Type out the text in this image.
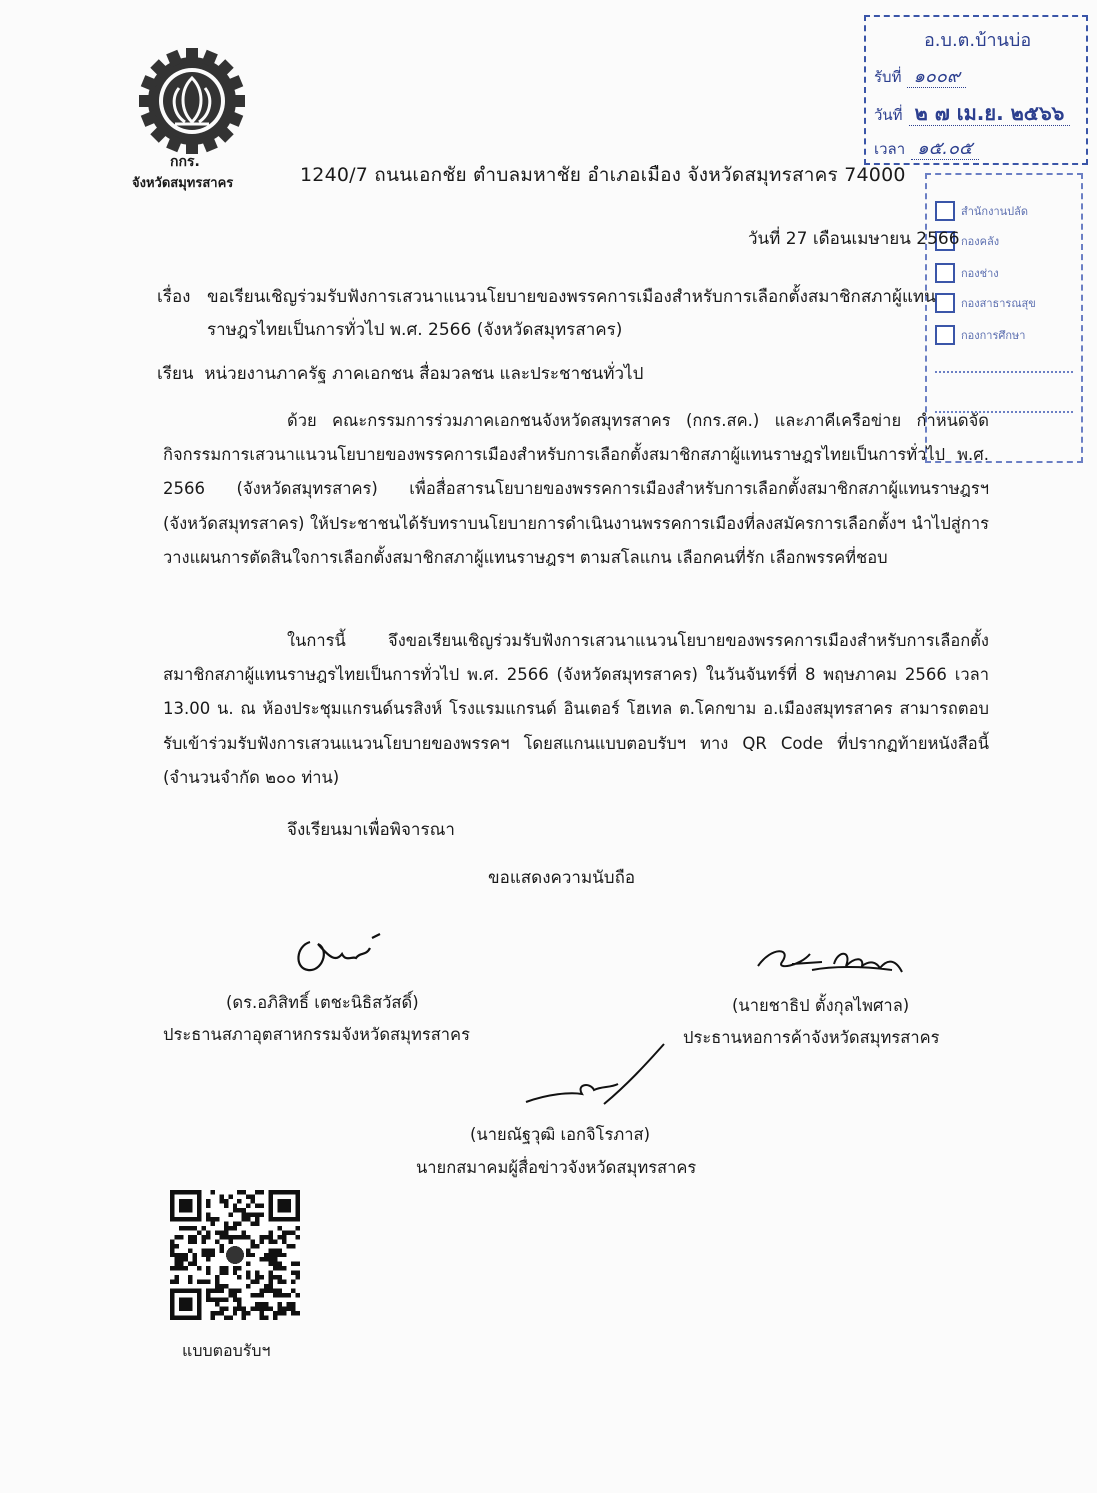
กกร.
จังหวัดสมุทรสาคร	1240/7 ถนนเอกชัย ตำบลมหาชัย อำเภอเมือง จังหวัดสมุทรสาคร 74000
อ.บ.ต.บ้านบ่อ
รับที่ ๑๐๐๙
วันที่ ๒ ๗ เม.ย. ๒๕๖๖
เวลา ๑๕.๐๕
สำนักงานปลัด
กองคลัง
กองช่าง
กองสาธารณสุข
กองการศึกษา
วันที่ 27 เดือนเมษายน 2566
เรื่อง ขอเรียนเชิญร่วมรับฟังการเสวนาแนวนโยบายของพรรคการเมืองสำหรับการเลือกตั้งสมาชิกสภาผู้แทน
ราษฎรไทยเป็นการทั่วไป พ.ศ. 2566 (จังหวัดสมุทรสาคร)
เรียน หน่วยงานภาครัฐ ภาคเอกชน สื่อมวลชน และประชาชนทั่วไป

ด้วย คณะกรรมการร่วมภาคเอกชนจังหวัดสมุทรสาคร (กกร.สค.) และภาคีเครือข่าย กำหนดจัดกิจกรรมการเสวนาแนวนโยบายของพรรคการเมืองสำหรับการเลือกตั้งสมาชิกสภาผู้แทนราษฎรไทยเป็นการทั่วไป พ.ศ. 2566 (จังหวัดสมุทรสาคร) เพื่อสื่อสารนโยบายของพรรคการเมืองสำหรับการเลือกตั้งสมาชิกสภาผู้แทนราษฎรฯ (จังหวัดสมุทรสาคร) ให้ประชาชนได้รับทราบนโยบายการดำเนินงานพรรคการเมืองที่ลงสมัครการเลือกตั้งฯ นำไปสู่การวางแผนการตัดสินใจการเลือกตั้งสมาชิกสภาผู้แทนราษฎรฯ ตามสโลแกน เลือกคนที่รัก เลือกพรรคที่ชอบ

ในการนี้ จึงขอเรียนเชิญร่วมรับฟังการเสวนาแนวนโยบายของพรรคการเมืองสำหรับการเลือกตั้งสมาชิกสภาผู้แทนราษฎรไทยเป็นการทั่วไป พ.ศ. 2566 (จังหวัดสมุทรสาคร) ในวันจันทร์ที่ 8 พฤษภาคม 2566 เวลา 13.00 น. ณ ห้องประชุมแกรนด์นรสิงห์ โรงแรมแกรนด์ อินเตอร์ โฮเทล ต.โคกขาม อ.เมืองสมุทรสาคร สามารถตอบรับเข้าร่วมรับฟังการเสวนแนวนโยบายของพรรคฯ โดยสแกนแบบตอบรับฯ ทาง QR Code ที่ปรากฏท้ายหนังสือนี้ (จำนวนจำกัด ๒๐๐ ท่าน)

จึงเรียนมาเพื่อพิจารณา
ขอแสดงความนับถือ
(ดร.อภิสิทธิ์ เตชะนิธิสวัสดิ์)
ประธานสภาอุตสาหกรรมจังหวัดสมุทรสาคร
(นายชาธิป ตั้งกุลไพศาล)
ประธานหอการค้าจังหวัดสมุทรสาคร
(นายณัฐวุฒิ เอกจิโรภาส)
นายกสมาคมผู้สื่อข่าวจังหวัดสมุทรสาคร
แบบตอบรับฯ
